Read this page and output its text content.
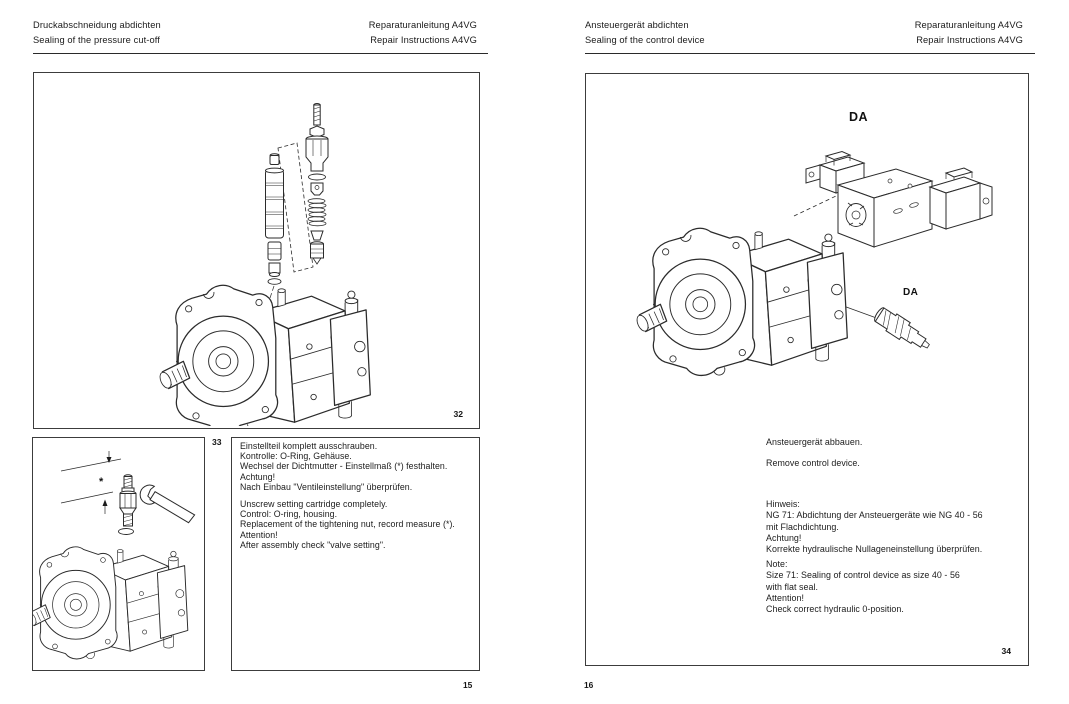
Druckabschneidung abdichten	Reparaturanleitung A4VG
Sealing of the pressure cut-off	Repair Instructions A4VG
32
*
33 Einstellteil komplett ausschrauben.
Kontrolle: O-Ring, Gehäuse.
Wechsel der Dichtmutter - Einstellmaß (*) festhalten.
Achtung!
Nach Einbau "Ventileinstellung" überprüfen.
Unscrew setting cartridge completely.
Control: O-ring, housing.
Replacement of the tightening nut, record measure (*).
Attention!
After assembly check "valve setting".
15
Ansteuergerät abdichten	Reparaturanleitung A4VG
Sealing of the control device	Repair Instructions A4VG
DA
DA
Ansteuergerät abbauen.
Remove control device.
Hinweis:
NG 71: Abdichtung der Ansteuergeräte wie NG 40 - 56
mit Flachdichtung.
Achtung!
Korrekte hydraulische Nullageneinstellung überprüfen.
Note:
Size 71: Sealing of control device as size 40 - 56
with flat seal.
Attention!
Check correct hydraulic 0-position.
34
16
